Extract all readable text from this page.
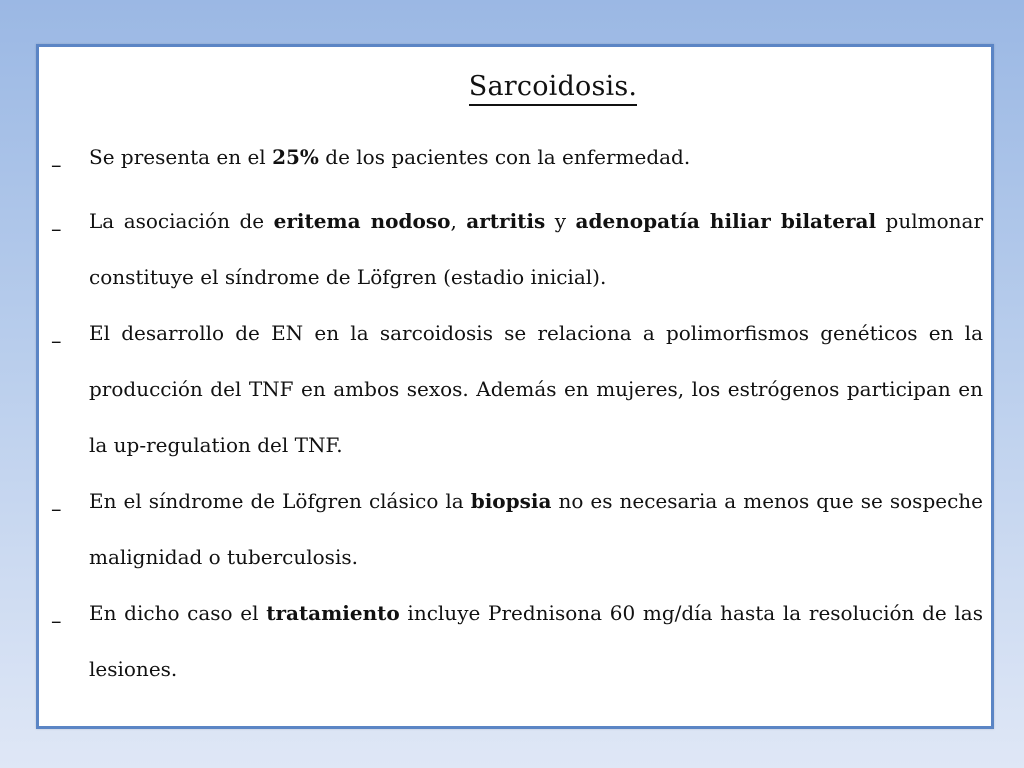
Sarcoidosis.
–	Se presenta en el 25% de los pacientes con la enfermedad.
–	La asociación de eritema nodoso, artritis y adenopatía hiliar bilateral pulmonar constituye el síndrome de Löfgren (estadio inicial).
–	El desarrollo de EN en la sarcoidosis se relaciona a polimorfismos genéticos en la producción del TNF en ambos sexos. Además en mujeres, los estrógenos participan en la up-regulation del TNF.
–	En el síndrome de Löfgren clásico la biopsia no es necesaria a menos que se sospeche malignidad o tuberculosis.
–	En dicho caso el tratamiento incluye Prednisona 60 mg/día hasta la resolución de las lesiones.
